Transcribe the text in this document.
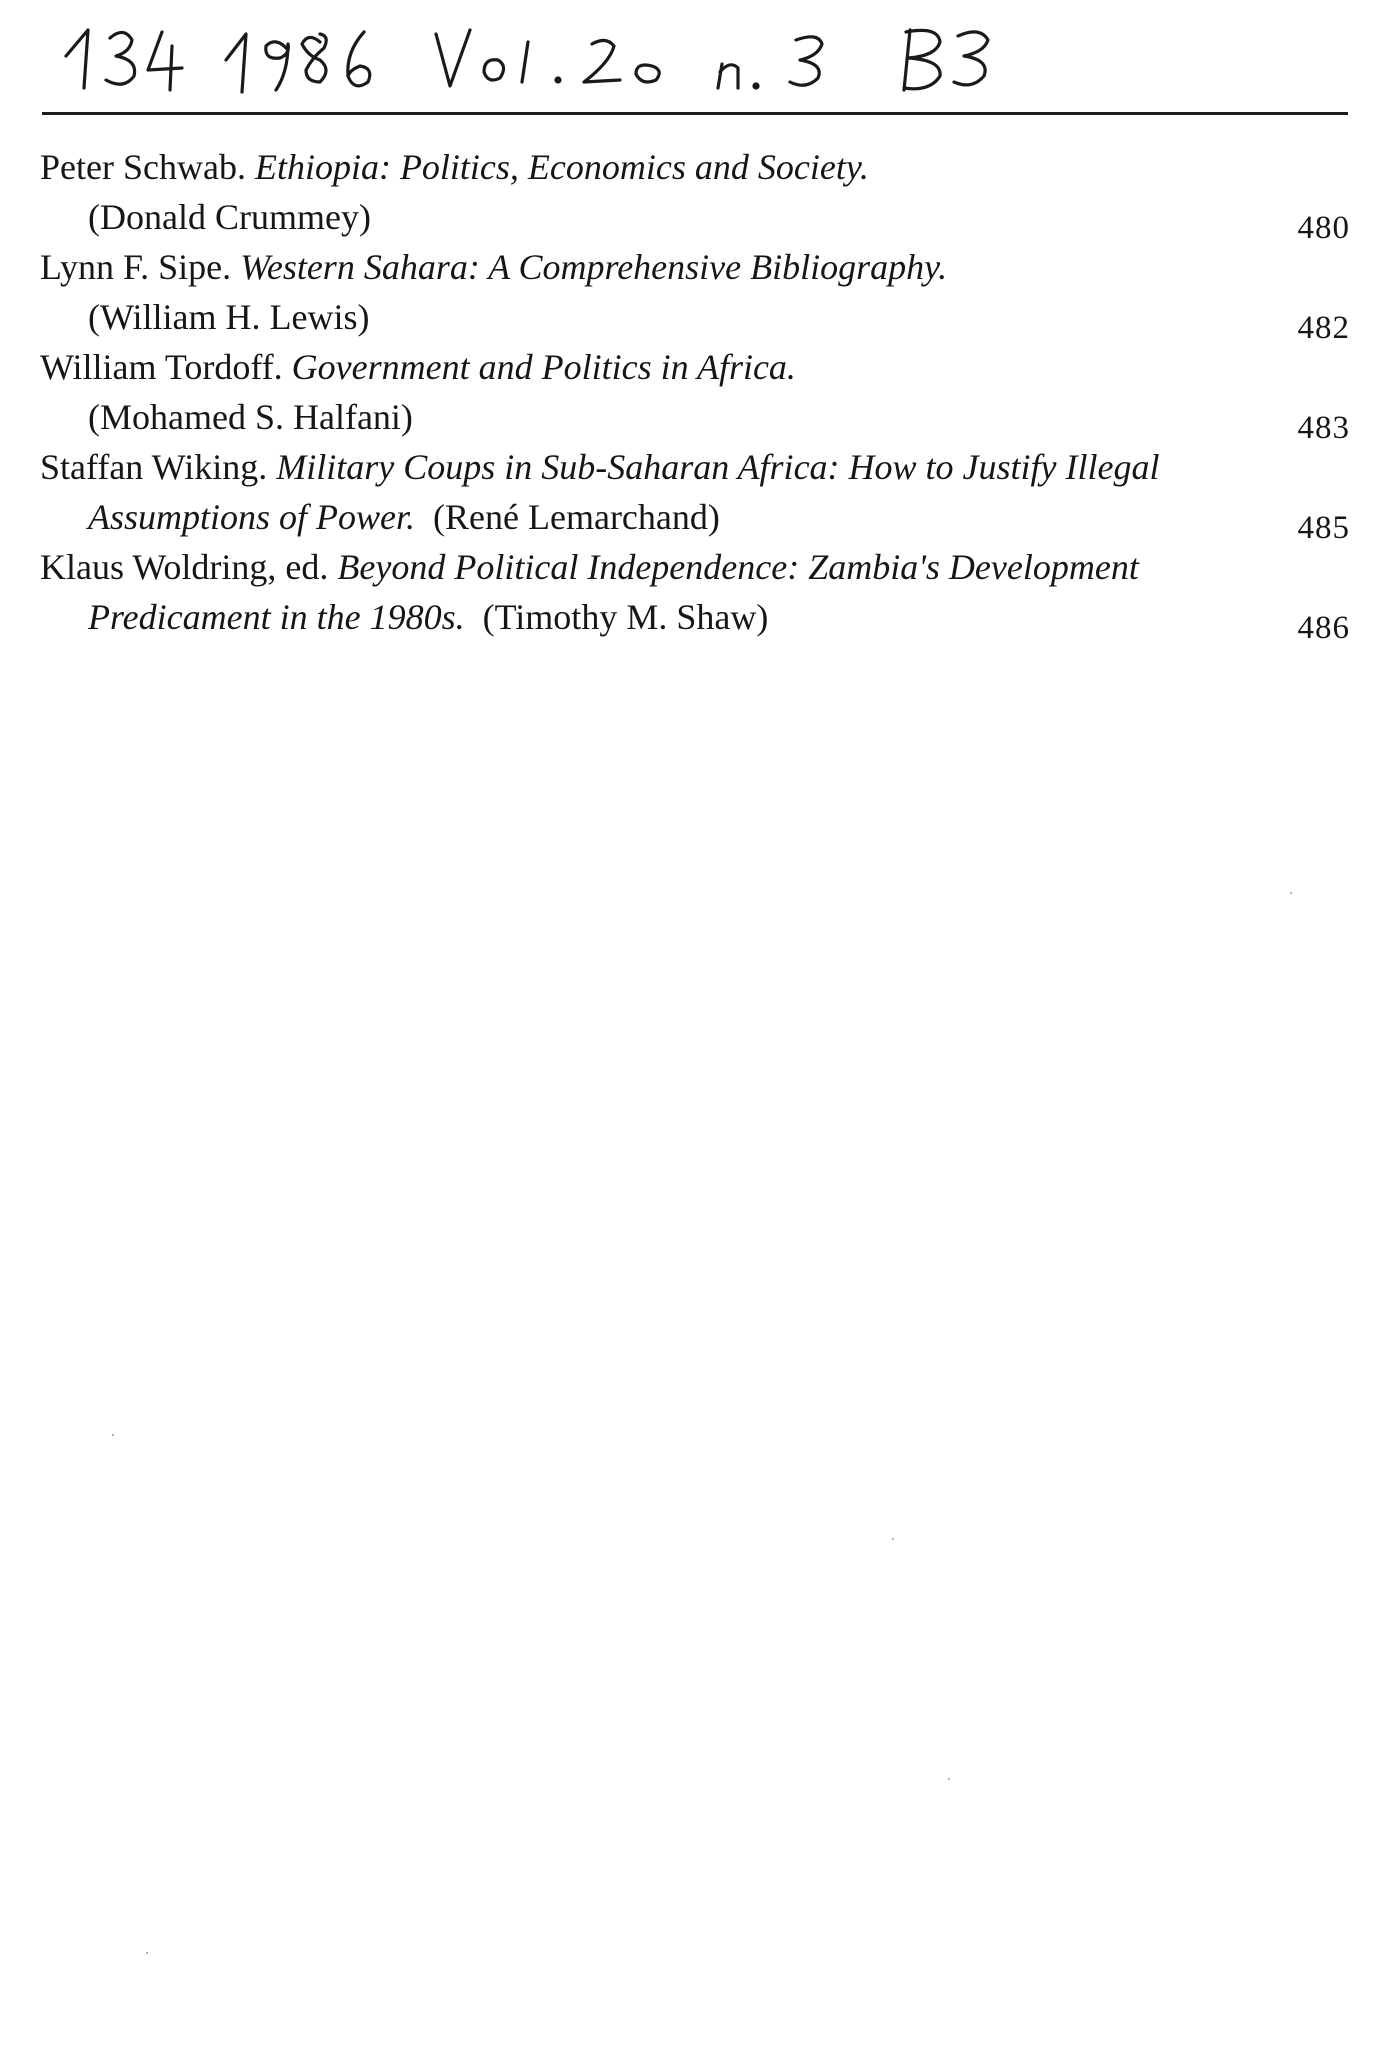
Peter Schwab. Ethiopia: Politics, Economics and Society.
(Donald Crummey)	480
Lynn F. Sipe. Western Sahara: A Comprehensive Bibliography.
(William H. Lewis)	482
William Tordoff. Government and Politics in Africa.
(Mohamed S. Halfani)	483
Staffan Wiking. Military Coups in Sub-Saharan Africa: How to Justify Illegal Assumptions of Power. (René Lemarchand)	485
Klaus Woldring, ed. Beyond Political Independence: Zambia's Development Predicament in the 1980s. (Timothy M. Shaw)	486
